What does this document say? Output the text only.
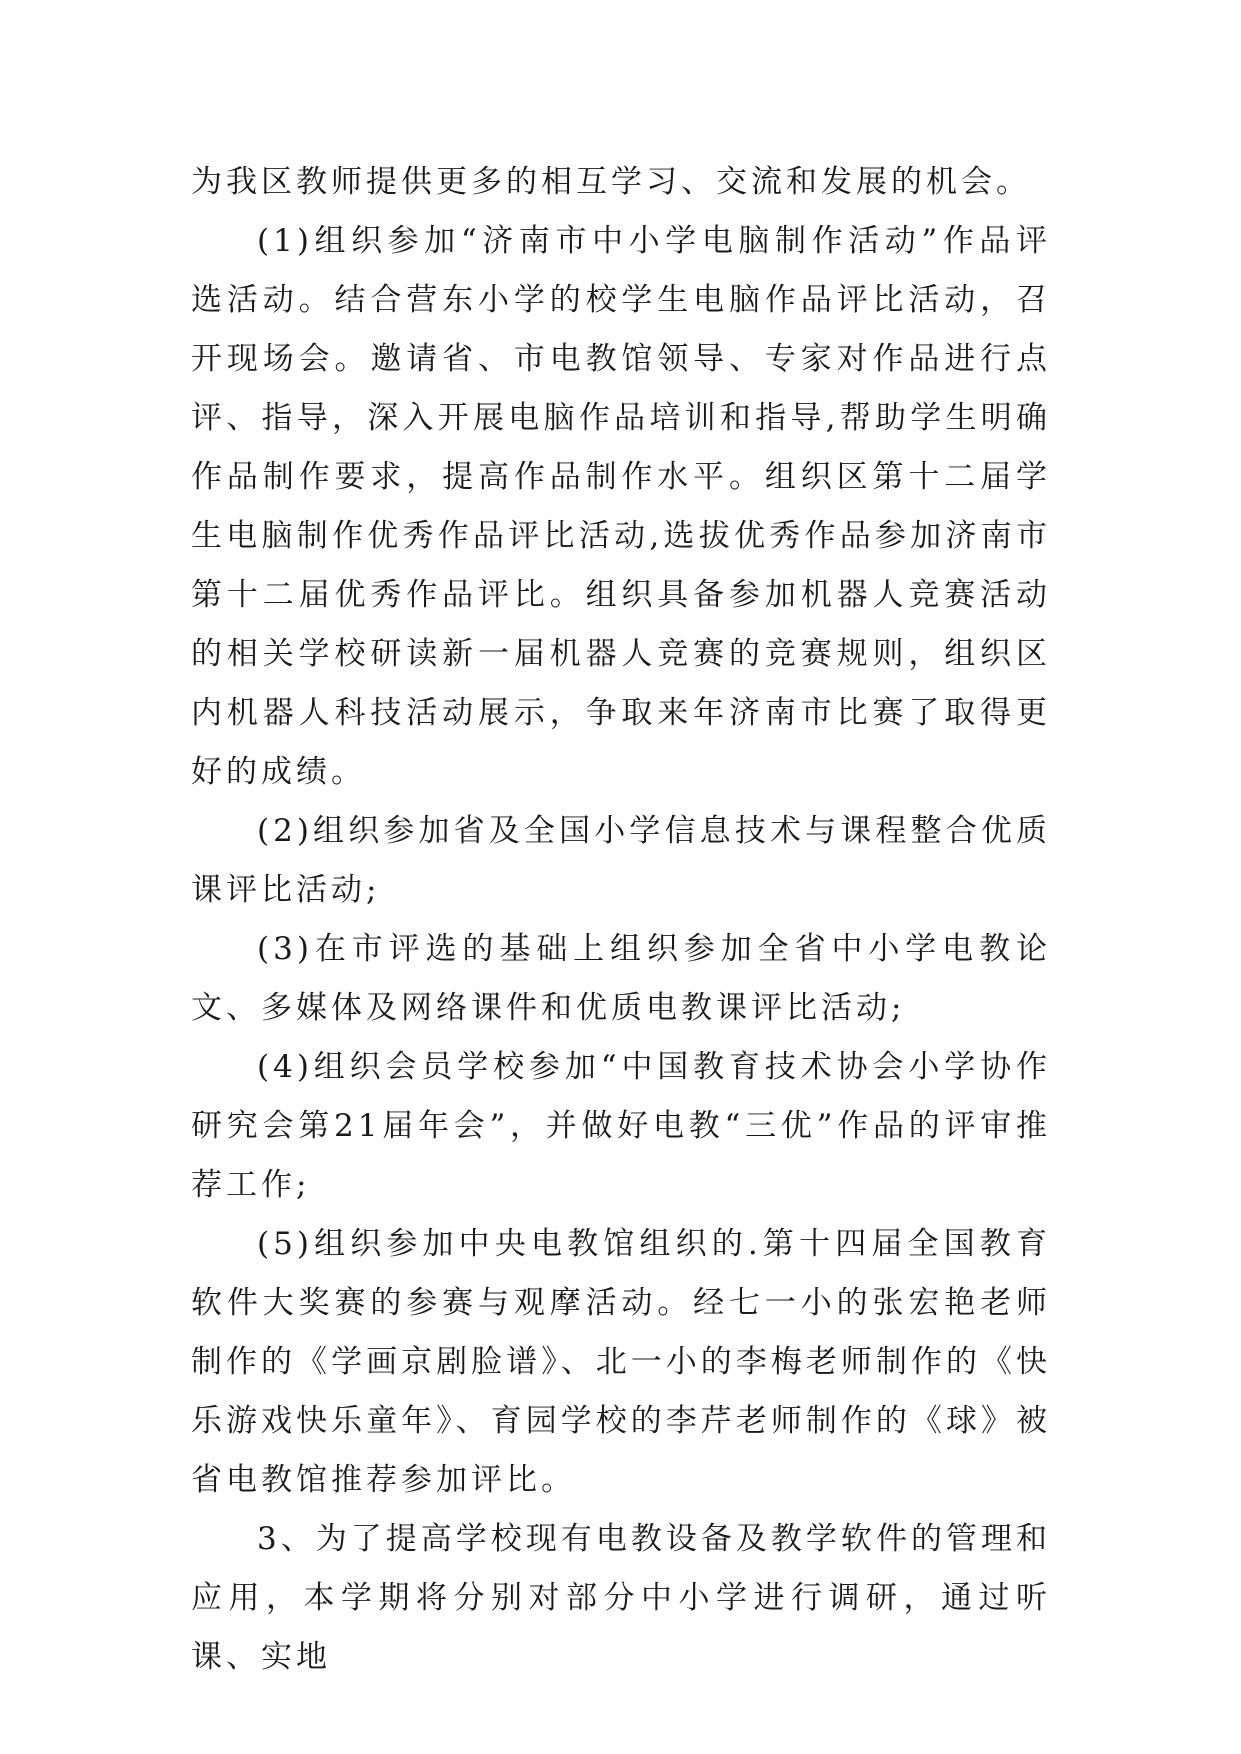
为我区教师提供更多的相互学习、交流和发展的机会。

(1)组织参加“济南市中小学电脑制作活动”作品评选活动。结合营东小学的校学生电脑作品评比活动，召开现场会。邀请省、市电教馆领导、专家对作品进行点评、指导，深入开展电脑作品培训和指导,帮助学生明确作品制作要求，提高作品制作水平。组织区第十二届学生电脑制作优秀作品评比活动,选拔优秀作品参加济南市第十二届优秀作品评比。组织具备参加机器人竞赛活动的相关学校研读新一届机器人竞赛的竞赛规则，组织区内机器人科技活动展示，争取来年济南市比赛了取得更好的成绩。

(2)组织参加省及全国小学信息技术与课程整合优质课评比活动;

(3)在市评选的基础上组织参加全省中小学电教论文、多媒体及网络课件和优质电教课评比活动;

(4)组织会员学校参加“中国教育技术协会小学协作研究会第21届年会”，并做好电教“三优”作品的评审推荐工作;

(5)组织参加中央电教馆组织的.第十四届全国教育软件大奖赛的参赛与观摩活动。经七一小的张宏艳老师制作的《学画京剧脸谱》、北一小的李梅老师制作的《快乐游戏快乐童年》、育园学校的李芹老师制作的《球》被省电教馆推荐参加评比。

3、为了提高学校现有电教设备及教学软件的管理和应用，本学期将分别对部分中小学进行调研，通过听课、实地
